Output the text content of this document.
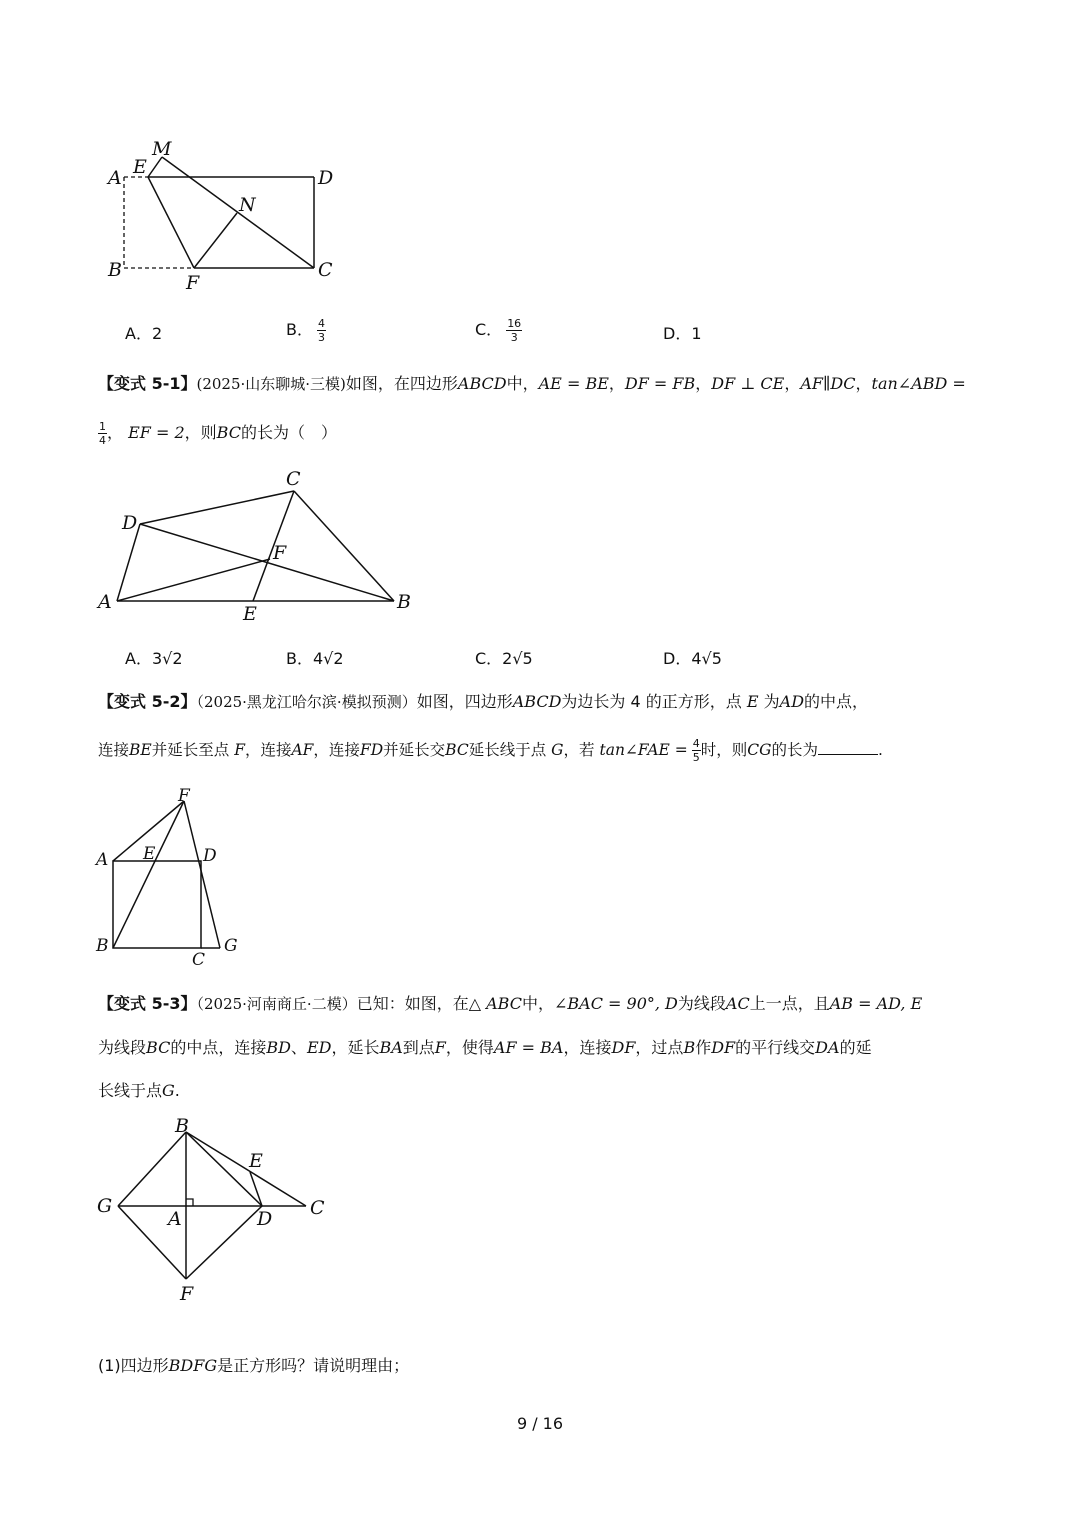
M
E
A	D
N
B
F
C
A．2	B． $\frac{4}{3}$	C． $\frac{16}{3}$	D．1
【变式 5-1】(2025·山东聊城·三模)如图，在四边形ABCD中，AE = BE，DF = FB，DF ⊥ CE，AF∥DC，tan∠ABD =
$\frac{1}{4}$ ， EF = 2，则BC的长为（　）
C
D
F
A
E
B
A．3√2	B．4√2	C．2√5	D．4√5
【变式 5-2】（2025·黑龙江哈尔滨·模拟预测）如图，四边形ABCD为边长为 4 的正方形，点 E 为AD的中点，
连接BE并延长至点 F，连接AF，连接FD并延长交BC延长线于点 G，若 tan∠FAE = $\frac{4}{5}$ 时，则CG的长为	.
F
A E	D
B
C
G
【变式 5-3】（2025·河南商丘·二模）已知：如图，在△ ABC中，∠BAC = 90°, D为线段AC上一点，且AB = AD, E
为线段BC的中点，连接BD、ED，延长BA到点F，使得AF = BA，连接DF，过点B作DF的平行线交DA的延
长线于点G.
B
E
G
A	D C
F
(1)四边形BDFG是正方形吗？请说明理由；
9 / 16
